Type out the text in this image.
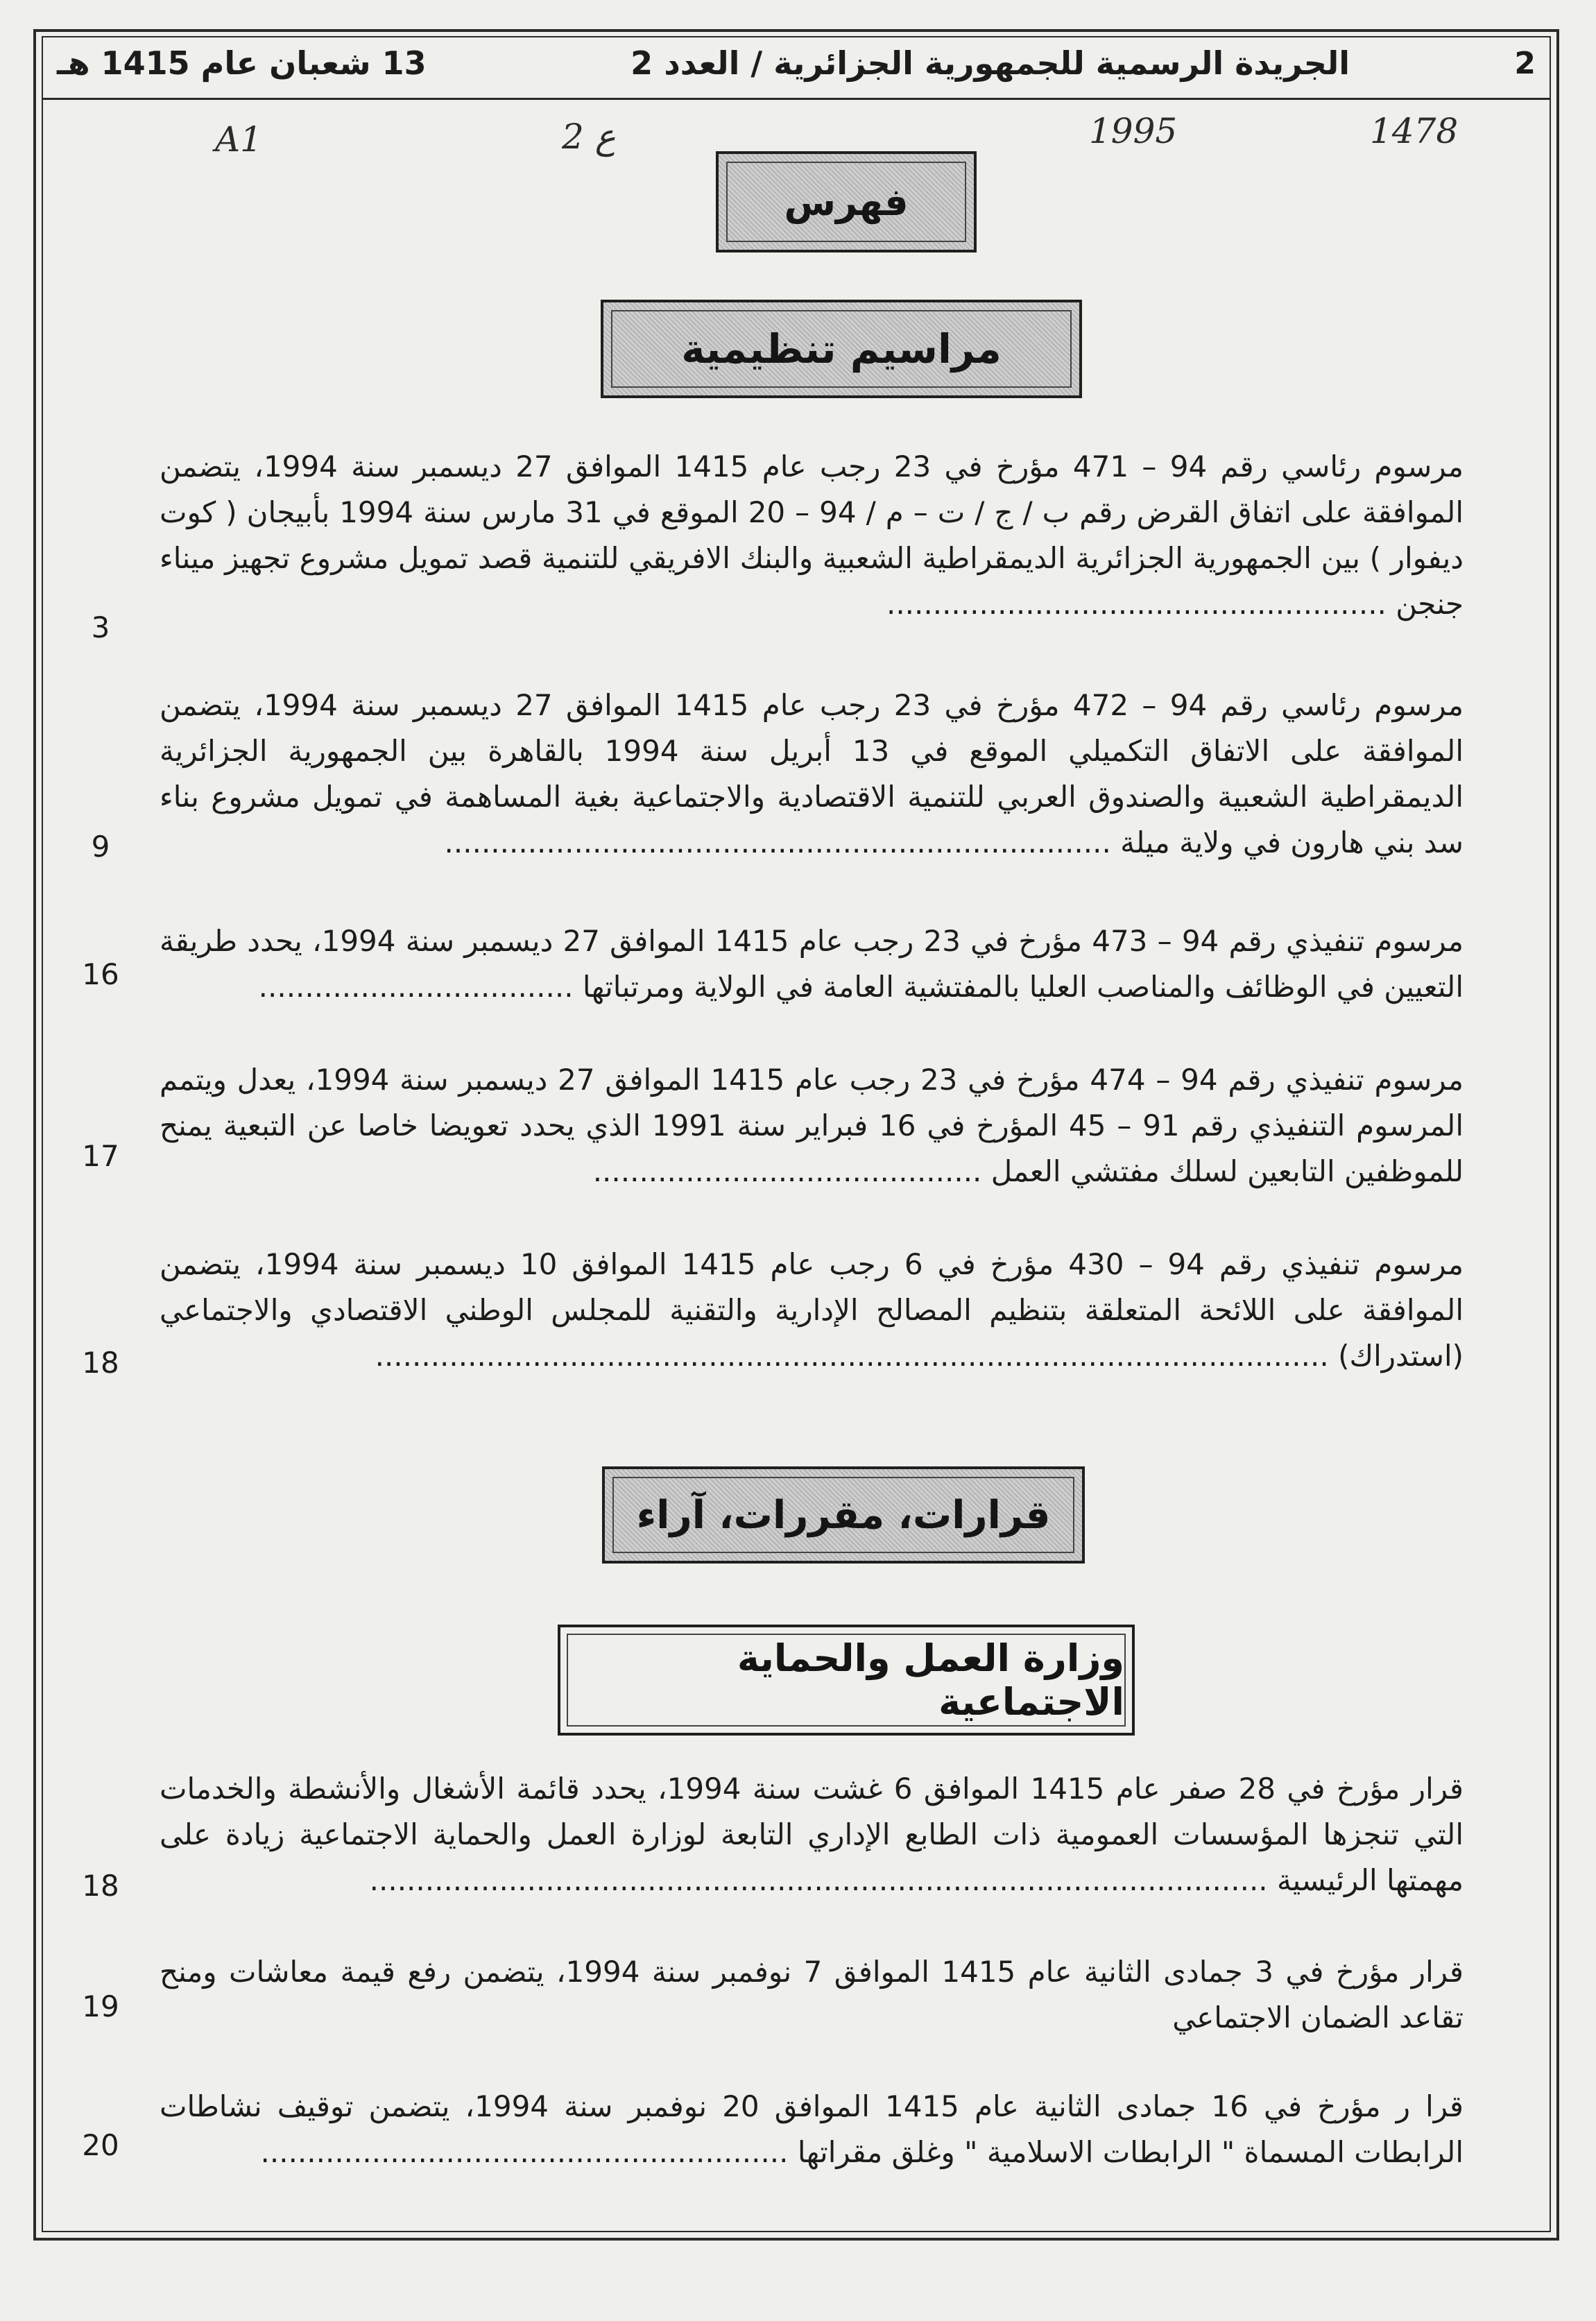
2
الجريدة الرسمية للجمهورية الجزائرية / العدد 2
13 شعبان عام 1415 هـ
A1	2 ع	1995	1478
فهرس
مراسيم تنظيمية
مرسوم رئاسي رقم 94 – 471 مؤرخ في 23 رجب عام 1415 الموافق 27 ديسمبر سنة 1994، يتضمن الموافقة على اتفاق القرض رقم ب / ج / ت – م / 94 – 20 الموقع في 31 مارس سنة 1994 بأبيجان ( كوت ديفوار ) بين الجمهورية الجزائرية الديمقراطية الشعبية والبنك الافريقي للتنمية قصد تمويل مشروع تجهيز ميناء جنجن ......................................................
3
مرسوم رئاسي رقم 94 – 472 مؤرخ في 23 رجب عام 1415 الموافق 27 ديسمبر سنة 1994، يتضمن الموافقة على الاتفاق التكميلي الموقع في 13 أبريل سنة 1994 بالقاهرة بين الجمهورية الجزائرية الديمقراطية الشعبية والصندوق العربي للتنمية الاقتصادية والاجتماعية بغية المساهمة في تمويل مشروع بناء سد بني هارون في ولاية ميلة ........................................................................
9
مرسوم تنفيذي رقم 94 – 473 مؤرخ في 23 رجب عام 1415 الموافق 27 ديسمبر سنة 1994، يحدد طريقة التعيين في الوظائف والمناصب العليا بالمفتشية العامة في الولاية ومرتباتها ..................................
16
مرسوم تنفيذي رقم 94 – 474 مؤرخ في 23 رجب عام 1415 الموافق 27 ديسمبر سنة 1994، يعدل ويتمم المرسوم التنفيذي رقم 91 – 45 المؤرخ في 16 فبراير سنة 1991 الذي يحدد تعويضا خاصا عن التبعية يمنح للموظفين التابعين لسلك مفتشي العمل ..........................................
17
مرسوم تنفيذي رقم 94 – 430 مؤرخ في 6 رجب عام 1415 الموافق 10 ديسمبر سنة 1994، يتضمن الموافقة على اللائحة المتعلقة بتنظيم المصالح الإدارية والتقنية للمجلس الوطني الاقتصادي والاجتماعي (استدراك) .......................................................................................................
18
قرارات، مقررات، آراء
وزارة العمل والحماية الاجتماعية
قرار مؤرخ في 28 صفر عام 1415 الموافق 6 غشت سنة 1994، يحدد قائمة الأشغال والأنشطة والخدمات التي تنجزها المؤسسات العمومية ذات الطابع الإداري التابعة لوزارة العمل والحماية الاجتماعية زيادة على مهمتها الرئيسية .................................................................................................
18
قرار مؤرخ في 3 جمادى الثانية عام 1415 الموافق 7 نوفمبر سنة 1994، يتضمن رفع قيمة معاشات ومنح تقاعد الضمان الاجتماعي
19
قرا ر مؤرخ في 16 جمادى الثانية عام 1415 الموافق 20 نوفمبر سنة 1994، يتضمن توقيف نشاطات الرابطات المسماة " الرابطات الاسلامية " وغلق مقراتها .........................................................
20
